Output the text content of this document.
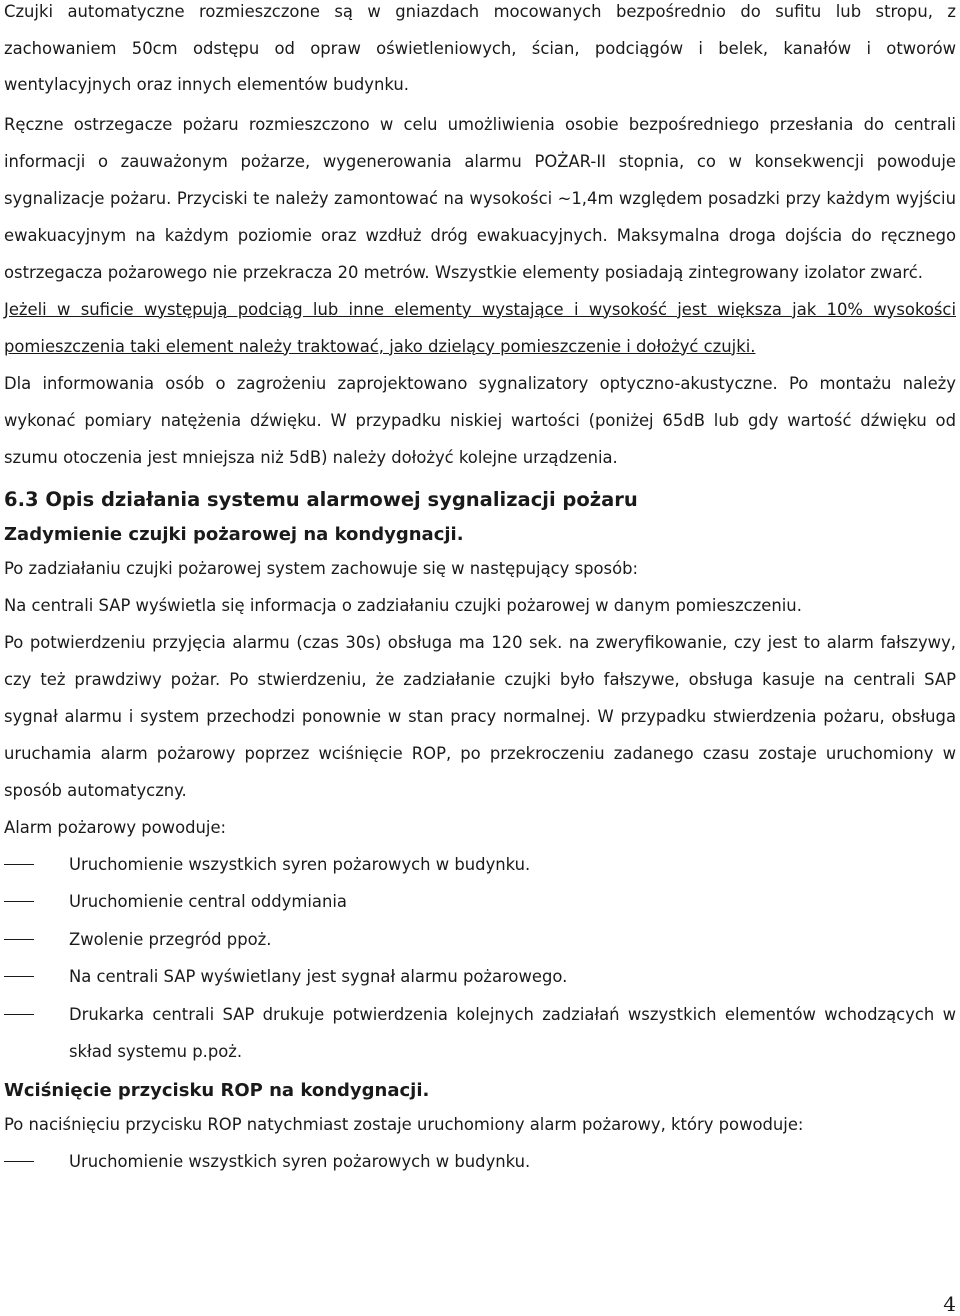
Czujki automatyczne rozmieszczone są w gniazdach mocowanych bezpośrednio do sufitu lub stropu, z zachowaniem 50cm odstępu od opraw oświetleniowych, ścian, podciągów i belek, kanałów i otworów wentylacyjnych oraz innych elementów budynku.

Ręczne ostrzegacze pożaru rozmieszczono w celu umożliwienia osobie bezpośredniego przesłania do centrali informacji o zauważonym pożarze, wygenerowania alarmu POŻAR-II stopnia, co w konsekwencji powoduje sygnalizacje pożaru. Przyciski te należy zamontować na wysokości ~1,4m względem posadzki przy każdym wyjściu ewakuacyjnym na każdym poziomie oraz wzdłuż dróg ewakuacyjnych. Maksymalna droga dojścia do ręcznego ostrzegacza pożarowego nie przekracza 20 metrów. Wszystkie elementy posiadają zintegrowany izolator zwarć.

Jeżeli w suficie występują podciąg lub inne elementy wystające i wysokość jest większa jak 10% wysokości pomieszczenia taki element należy traktować, jako dzielący pomieszczenie i dołożyć czujki.

Dla informowania osób o zagrożeniu zaprojektowano sygnalizatory optyczno-akustyczne. Po montażu należy wykonać pomiary natężenia dźwięku. W przypadku niskiej wartości (poniżej 65dB lub gdy wartość dźwięku od szumu otoczenia jest mniejsza niż 5dB) należy dołożyć kolejne urządzenia.

6.3 Opis działania systemu alarmowej sygnalizacji pożaru
Zadymienie czujki pożarowej na kondygnacji.

Po zadziałaniu czujki pożarowej system zachowuje się w następujący sposób:

Na centrali SAP wyświetla się informacja o zadziałaniu czujki pożarowej w danym pomieszczeniu.

Po potwierdzeniu przyjęcia alarmu (czas 30s) obsługa ma 120 sek. na zweryfikowanie, czy jest to alarm fałszywy, czy też prawdziwy pożar. Po stwierdzeniu, że zadziałanie czujki było fałszywe, obsługa kasuje na centrali SAP sygnał alarmu i system przechodzi ponownie w stan pracy normalnej. W przypadku stwierdzenia pożaru, obsługa uruchamia alarm pożarowy poprzez wciśnięcie ROP, po przekroczeniu zadanego czasu zostaje uruchomiony w sposób automatyczny.

Alarm pożarowy powoduje:

Uruchomienie wszystkich syren pożarowych w budynku.
Uruchomienie central oddymiania
Zwolenie przegród ppoż.
Na centrali SAP wyświetlany jest sygnał alarmu pożarowego.
Drukarka centrali SAP drukuje potwierdzenia kolejnych zadziałań wszystkich elementów wchodzących w skład systemu p.poż.
Wciśnięcie przycisku ROP na kondygnacji.

Po naciśnięciu przycisku ROP natychmiast zostaje uruchomiony alarm pożarowy, który powoduje:

Uruchomienie wszystkich syren pożarowych w budynku.
4
